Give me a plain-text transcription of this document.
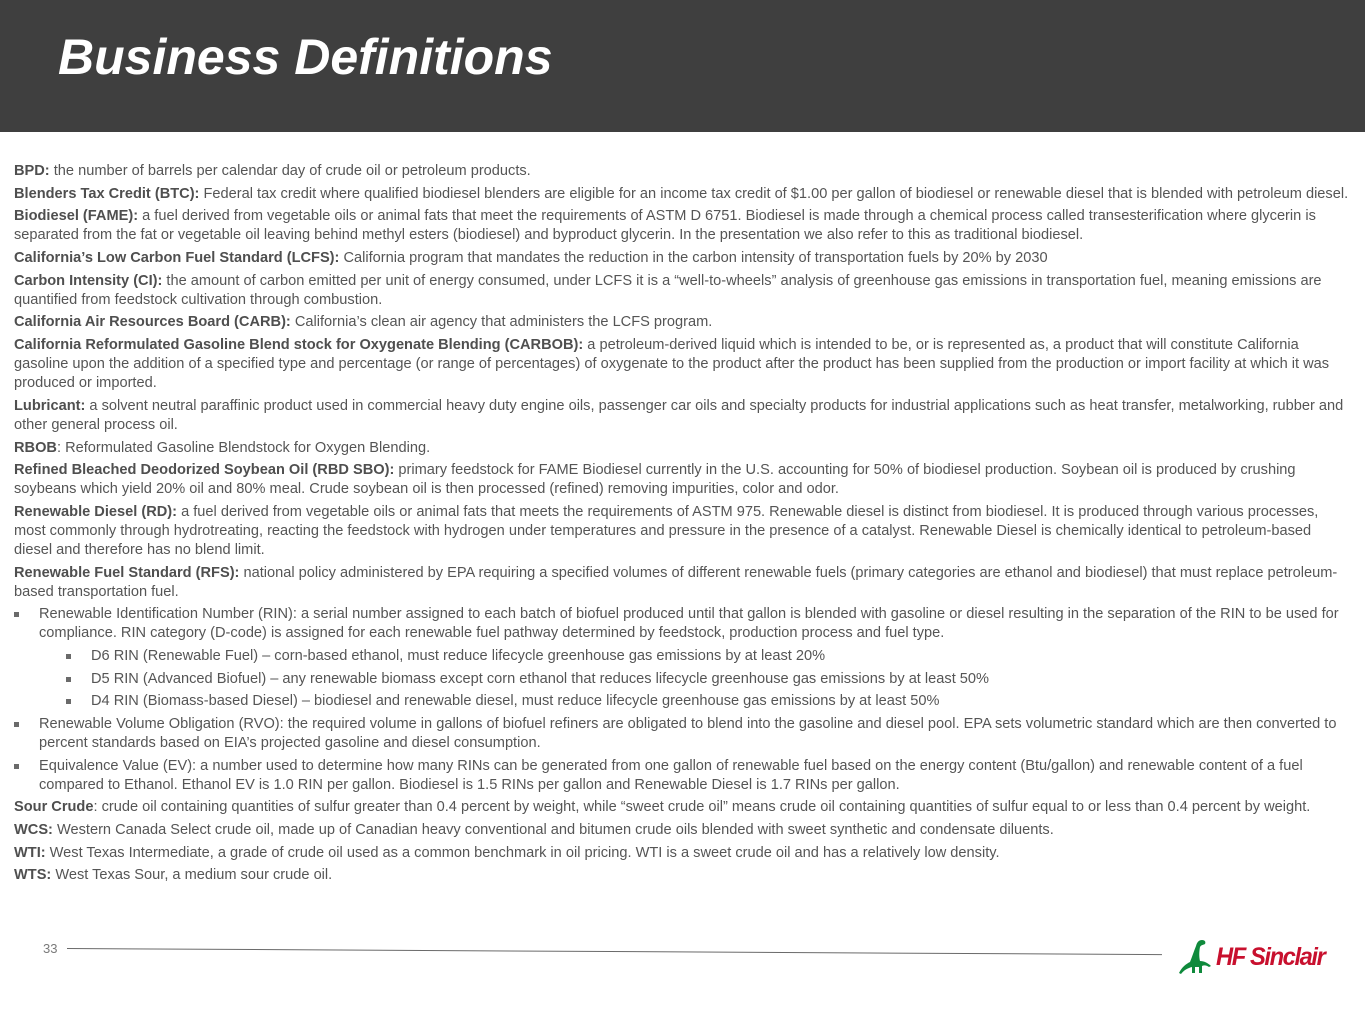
Business Definitions

BPD: the number of barrels per calendar day of crude oil or petroleum products.

Blenders Tax Credit (BTC): Federal tax credit where qualified biodiesel blenders are eligible for an income tax credit of $1.00 per gallon of biodiesel or renewable diesel that is blended with petroleum diesel.

Biodiesel (FAME): a fuel derived from vegetable oils or animal fats that meet the requirements of ASTM D 6751. Biodiesel is made through a chemical process called transesterification where glycerin is separated from the fat or vegetable oil leaving behind methyl esters (biodiesel) and byproduct glycerin. In the presentation we also refer to this as traditional biodiesel.

California’s Low Carbon Fuel Standard (LCFS): California program that mandates the reduction in the carbon intensity of transportation fuels by 20% by 2030

Carbon Intensity (CI): the amount of carbon emitted per unit of energy consumed, under LCFS it is a “well-to-wheels” analysis of greenhouse gas emissions in transportation fuel, meaning emissions are quantified from feedstock cultivation through combustion.

California Air Resources Board (CARB): California’s clean air agency that administers the LCFS program.

California Reformulated Gasoline Blend stock for Oxygenate Blending (CARBOB): a petroleum-derived liquid which is intended to be, or is represented as, a product that will constitute California gasoline upon the addition of a specified type and percentage (or range of percentages) of oxygenate to the product after the product has been supplied from the production or import facility at which it was produced or imported.

Lubricant: a solvent neutral paraffinic product used in commercial heavy duty engine oils, passenger car oils and specialty products for industrial applications such as heat transfer, metalworking, rubber and other general process oil.

RBOB: Reformulated Gasoline Blendstock for Oxygen Blending.

Refined Bleached Deodorized Soybean Oil (RBD SBO): primary feedstock for FAME Biodiesel currently in the U.S. accounting for 50% of biodiesel production. Soybean oil is produced by crushing soybeans which yield 20% oil and 80% meal. Crude soybean oil is then processed (refined) removing impurities, color and odor.

Renewable Diesel (RD): a fuel derived from vegetable oils or animal fats that meets the requirements of ASTM 975. Renewable diesel is distinct from biodiesel. It is produced through various processes, most commonly through hydrotreating, reacting the feedstock with hydrogen under temperatures and pressure in the presence of a catalyst. Renewable Diesel is chemically identical to petroleum-based diesel and therefore has no blend limit.

Renewable Fuel Standard (RFS): national policy administered by EPA requiring a specified volumes of different renewable fuels (primary categories are ethanol and biodiesel) that must replace petroleum-based transportation fuel.

Renewable Identification Number (RIN): a serial number assigned to each batch of biofuel produced until that gallon is blended with gasoline or diesel resulting in the separation of the RIN to be used for compliance. RIN category (D-code) is assigned for each renewable fuel pathway determined by feedstock, production process and fuel type.
D6 RIN (Renewable Fuel) – corn-based ethanol, must reduce lifecycle greenhouse gas emissions by at least 20%
D5 RIN (Advanced Biofuel) – any renewable biomass except corn ethanol that reduces lifecycle greenhouse gas emissions by at least 50%
D4 RIN (Biomass-based Diesel) – biodiesel and renewable diesel, must reduce lifecycle greenhouse gas emissions by at least 50%
Renewable Volume Obligation (RVO): the required volume in gallons of biofuel refiners are obligated to blend into the gasoline and diesel pool. EPA sets volumetric standard which are then converted to percent standards based on EIA’s projected gasoline and diesel consumption.
Equivalence Value (EV): a number used to determine how many RINs can be generated from one gallon of renewable fuel based on the energy content (Btu/gallon) and renewable content of a fuel compared to Ethanol. Ethanol EV is 1.0 RIN per gallon. Biodiesel is 1.5 RINs per gallon and Renewable Diesel is 1.7 RINs per gallon.

Sour Crude: crude oil containing quantities of sulfur greater than 0.4 percent by weight, while “sweet crude oil” means crude oil containing quantities of sulfur equal to or less than 0.4 percent by weight.

WCS: Western Canada Select crude oil, made up of Canadian heavy conventional and bitumen crude oils blended with sweet synthetic and condensate diluents.

WTI: West Texas Intermediate, a grade of crude oil used as a common benchmark in oil pricing. WTI is a sweet crude oil and has a relatively low density.

WTS: West Texas Sour, a medium sour crude oil.

33	HF Sinclair
